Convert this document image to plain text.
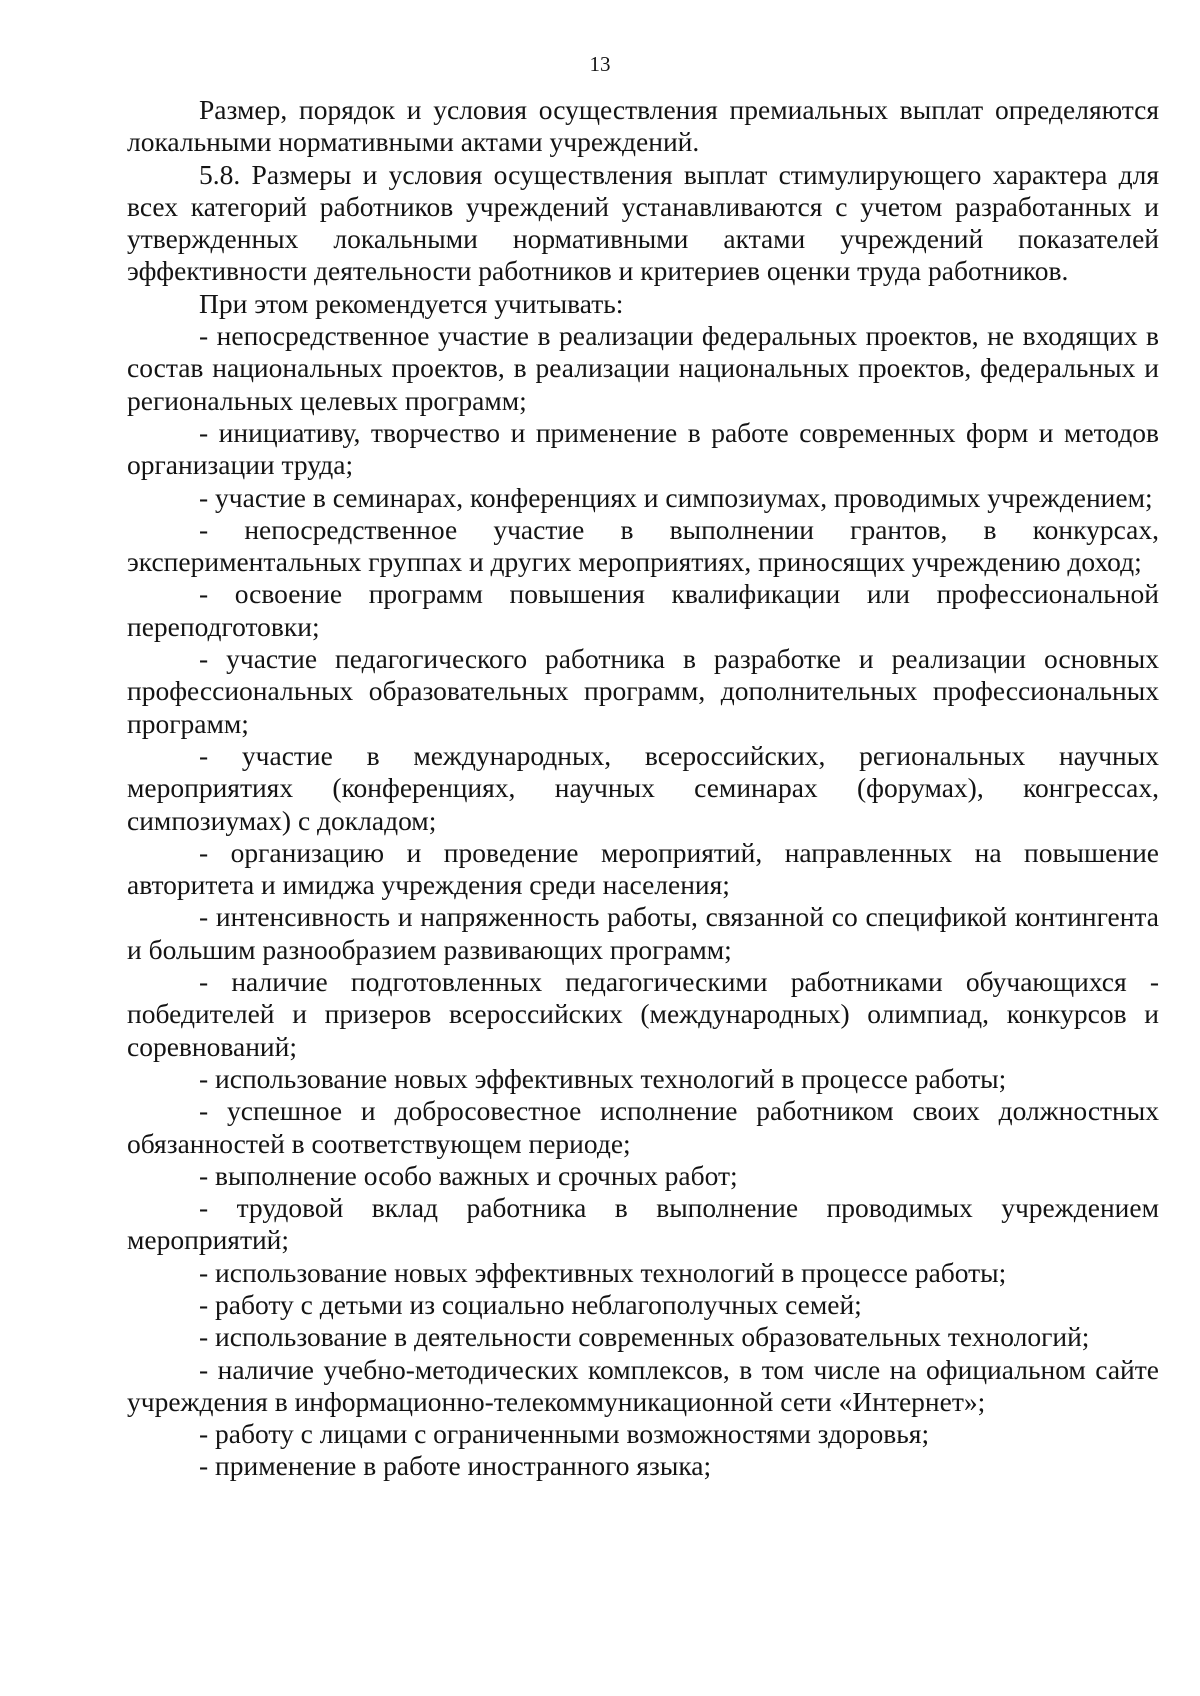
13

Размер, порядок и условия осуществления премиальных выплат определяются локальными нормативными актами учреждений.

5.8. Размеры и условия осуществления выплат стимулирующего характера для всех категорий работников учреждений устанавливаются с учетом разработанных и утвержденных локальными нормативными актами учреждений показателей эффективности деятельности работников и критериев оценки труда работников.

При этом рекомендуется учитывать:

- непосредственное участие в реализации федеральных проектов, не входящих в состав национальных проектов, в реализации национальных проектов, федеральных и региональных целевых программ;

- инициативу, творчество и применение в работе современных форм и методов организации труда;

- участие в семинарах, конференциях и симпозиумах, проводимых учреждением;

- непосредственное участие в выполнении грантов, в конкурсах, экспериментальных группах и других мероприятиях, приносящих учреждению доход;

- освоение программ повышения квалификации или профессиональной переподготовки;

- участие педагогического работника в разработке и реализации основных профессиональных образовательных программ, дополнительных профессиональных программ;

- участие в международных, всероссийских, региональных научных мероприятиях (конференциях, научных семинарах (форумах), конгрессах, симпозиумах) с докладом;

- организацию и проведение мероприятий, направленных на повышение авторитета и имиджа учреждения среди населения;

- интенсивность и напряженность работы, связанной со спецификой контингента и большим разнообразием развивающих программ;

- наличие подготовленных педагогическими работниками обучающихся - победителей и призеров всероссийских (международных) олимпиад, конкурсов и соревнований;

- использование новых эффективных технологий в процессе работы;

- успешное и добросовестное исполнение работником своих должностных обязанностей в соответствующем периоде;

- выполнение особо важных и срочных работ;

- трудовой вклад работника в выполнение проводимых учреждением мероприятий;

- использование новых эффективных технологий в процессе работы;

- работу с детьми из социально неблагополучных семей;

- использование в деятельности современных образовательных технологий;

- наличие учебно-методических комплексов, в том числе на официальном сайте учреждения в информационно-телекоммуникационной сети «Интернет»;

- работу с лицами с ограниченными возможностями здоровья;

- применение в работе иностранного языка;
